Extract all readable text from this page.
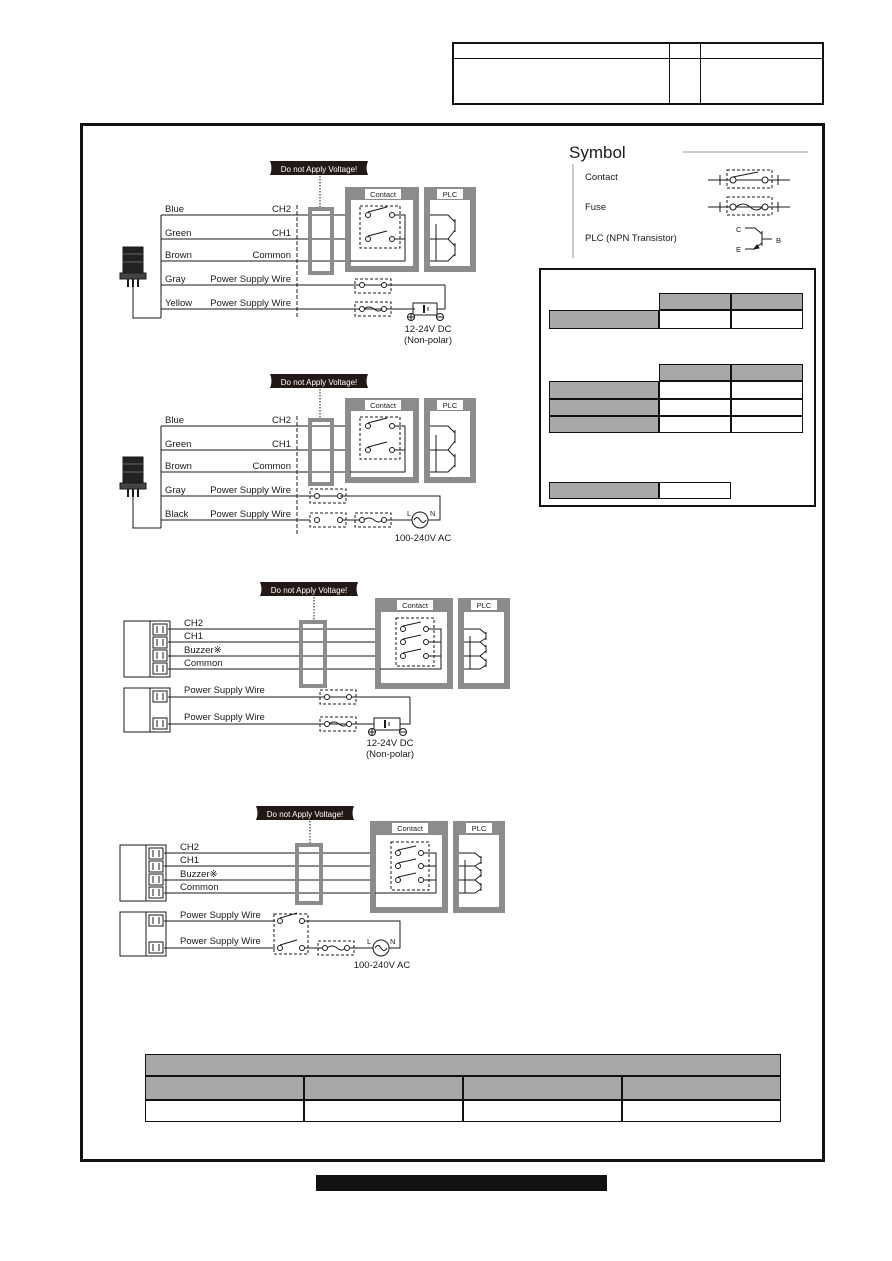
Symbol
Contact
Fuse
PLC (NPN Transistor)
C
B
E
Do not Apply Voltage!
Blue
Green
Brown
Gray
Yellow
CH2
CH1
Common
Power Supply Wire
Power Supply Wire
Contact	PLC
12-24V DC
(Non-polar)
Do not Apply Voltage!
Blue
Green
Brown
Gray
Black
CH2
CH1
Common
Power Supply Wire
Power Supply Wire
Contact	PLC
L	N
100-240V AC
Do not Apply Voltage!
CH2
CH1
Buzzer※
Common
Contact	PLC
Power Supply Wire
Power Supply Wire
12-24V DC
(Non-polar)
Do not Apply Voltage!
CH2
CH1
Buzzer※
Common
Contact	PLC
Power Supply Wire
Power Supply Wire	L	N
100-240V AC
